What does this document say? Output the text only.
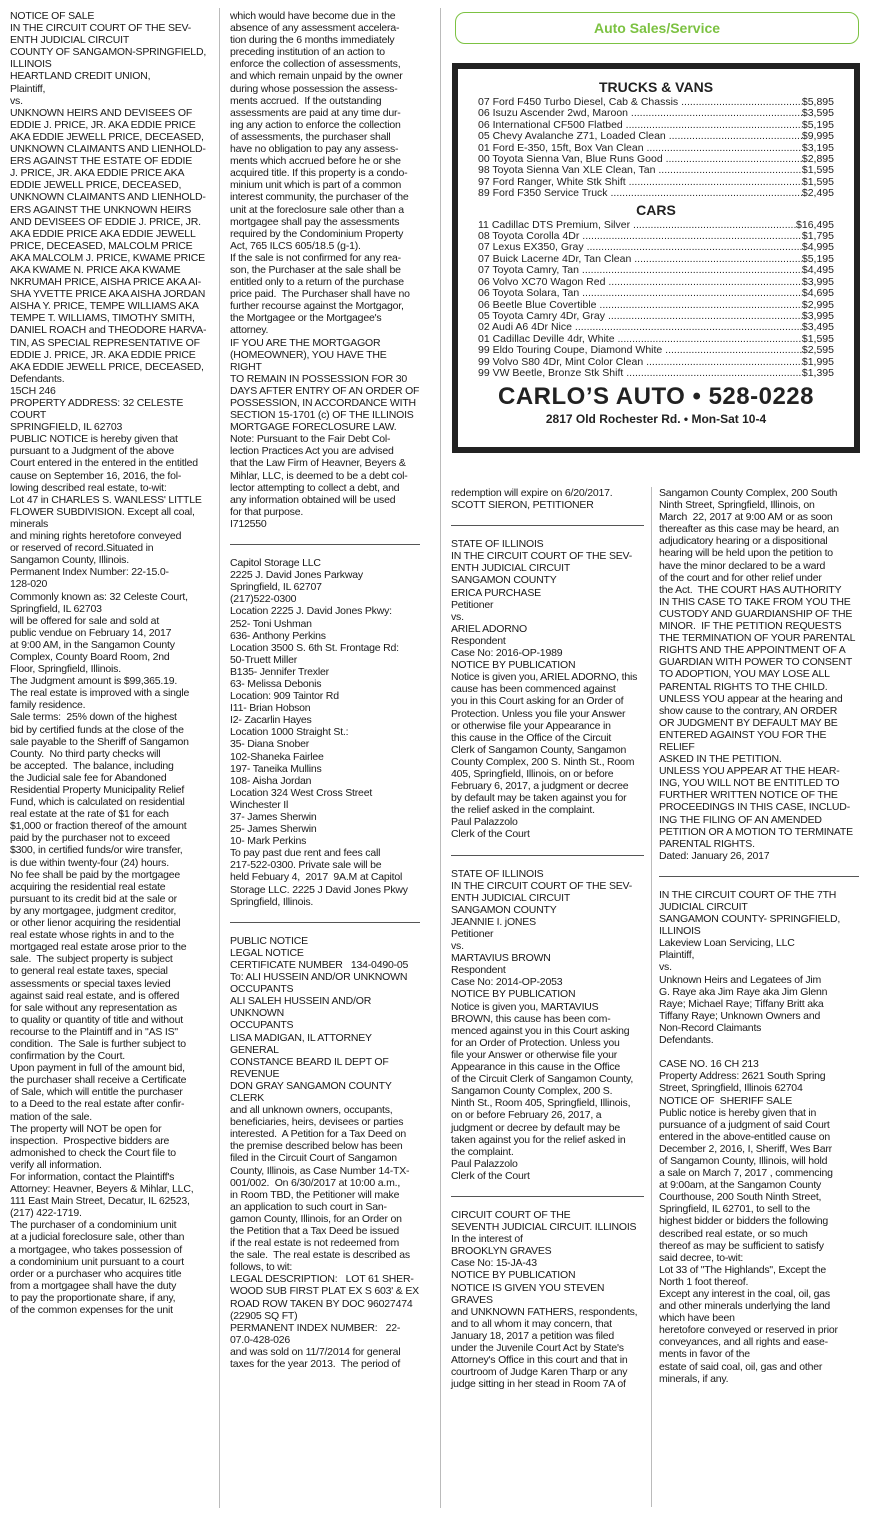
NOTICE OF SALE

IN THE CIRCUIT COURT OF THE SEV-

ENTH JUDICIAL CIRCUIT

COUNTY OF SANGAMON-SPRINGFIELD,

ILLINOIS

HEARTLAND CREDIT UNION,

Plaintiff,

vs.

UNKNOWN HEIRS AND DEVISEES OF

EDDIE J. PRICE, JR. AKA EDDIE PRICE

AKA EDDIE JEWELL PRICE, DECEASED,

UNKNOWN CLAIMANTS AND LIENHOLD-

ERS AGAINST THE ESTATE OF EDDIE

J. PRICE, JR. AKA EDDIE PRICE AKA

EDDIE JEWELL PRICE, DECEASED,

UNKNOWN CLAIMANTS AND LIENHOLD-

ERS AGAINST THE UNKNOWN HEIRS

AND DEVISEES OF EDDIE J. PRICE, JR.

AKA EDDIE PRICE AKA EDDIE JEWELL

PRICE, DECEASED, MALCOLM PRICE

AKA MALCOLM J. PRICE, KWAME PRICE

AKA KWAME N. PRICE AKA KWAME

NKRUMAH PRICE, AISHA PRICE AKA AI-

SHA YVETTE PRICE AKA AISHA JORDAN

AISHA Y. PRICE, TEMPE WILLIAMS AKA

TEMPE T. WILLIAMS, TIMOTHY SMITH,

DANIEL ROACH and THEODORE HARVA-

TIN, AS SPECIAL REPRESENTATIVE OF

EDDIE J. PRICE, JR. AKA EDDIE PRICE

AKA EDDIE JEWELL PRICE, DECEASED,

Defendants.

15CH 246

PROPERTY ADDRESS: 32 CELESTE

COURT

SPRINGFIELD, IL 62703

PUBLIC NOTICE is hereby given that

pursuant to a Judgment of the above

Court entered in the entered in the entitled

cause on September 16, 2016, the fol-

lowing described real estate, to-wit:

Lot 47 in CHARLES S. WANLESS' LITTLE

FLOWER SUBDIVISION. Except all coal,

minerals

and mining rights heretofore conveyed

or reserved of record.Situated in

Sangamon County, Illinois.

Permanent Index Number: 22-15.0-

128-020

Commonly known as: 32 Celeste Court,

Springfield, IL 62703

will be offered for sale and sold at

public vendue on February 14, 2017

at 9:00 AM, in the Sangamon County

Complex, County Board Room, 2nd

Floor, Springfield, Illinois.

The Judgment amount is $99,365.19.

The real estate is improved with a single

family residence.

Sale terms:  25% down of the highest

bid by certified funds at the close of the

sale payable to the Sheriff of Sangamon

County.  No third party checks will

be accepted.  The balance, including

the Judicial sale fee for Abandoned

Residential Property Municipality Relief

Fund, which is calculated on residential

real estate at the rate of $1 for each

$1,000 or fraction thereof of the amount

paid by the purchaser not to exceed

$300, in certified funds/or wire transfer,

is due within twenty-four (24) hours.

No fee shall be paid by the mortgagee

acquiring the residential real estate

pursuant to its credit bid at the sale or

by any mortgagee, judgment creditor,

or other lienor acquiring the residential

real estate whose rights in and to the

mortgaged real estate arose prior to the

sale.  The subject property is subject

to general real estate taxes, special

assessments or special taxes levied

against said real estate, and is offered

for sale without any representation as

to quality or quantity of title and without

recourse to the Plaintiff and in "AS IS"

condition.  The Sale is further subject to

confirmation by the Court.

Upon payment in full of the amount bid,

the purchaser shall receive a Certificate

of Sale, which will entitle the purchaser

to a Deed to the real estate after confir-

mation of the sale.

The property will NOT be open for

inspection.  Prospective bidders are

admonished to check the Court file to

verify all information.

For information, contact the Plaintiff's

Attorney: Heavner, Beyers & Mihlar, LLC,

111 East Main Street, Decatur, IL 62523,

(217) 422-1719.

The purchaser of a condominium unit

at a judicial foreclosure sale, other than

a mortgagee, who takes possession of

a condominium unit pursuant to a court

order or a purchaser who acquires title

from a mortgagee shall have the duty

to pay the proportionate share, if any,

of the common expenses for the unit

which would have become due in the

absence of any assessment accelera-

tion during the 6 months immediately

preceding institution of an action to

enforce the collection of assessments,

and which remain unpaid by the owner

during whose possession the assess-

ments accrued.  If the outstanding

assessments are paid at any time dur-

ing any action to enforce the collection

of assessments, the purchaser shall

have no obligation to pay any assess-

ments which accrued before he or she

acquired title. If this property is a condo-

minium unit which is part of a common

interest community, the purchaser of the

unit at the foreclosure sale other than a

mortgagee shall pay the assessments

required by the Condominium Property

Act, 765 ILCS 605/18.5 (g-1).

If the sale is not confirmed for any rea-

son, the Purchaser at the sale shall be

entitled only to a return of the purchase

price paid.  The Purchaser shall have no

further recourse against the Mortgagor,

the Mortgagee or the Mortgagee's

attorney.

IF YOU ARE THE MORTGAGOR

(HOMEOWNER), YOU HAVE THE RIGHT

TO REMAIN IN POSSESSION FOR 30

DAYS AFTER ENTRY OF AN ORDER OF

POSSESSION, IN ACCORDANCE WITH

SECTION 15-1701 (c) OF THE ILLINOIS

MORTGAGE FORECLOSURE LAW.

Note: Pursuant to the Fair Debt Col-

lection Practices Act you are advised

that the Law Firm of Heavner, Beyers &

Mihlar, LLC, is deemed to be a debt col-

lector attempting to collect a debt, and

any information obtained will be used

for that purpose.

I712550

Capitol Storage LLC

2225 J. David Jones Parkway

Springfield, IL 62707

(217)522-0300

Location 2225 J. David Jones Pkwy:

252- Toni Ushman

636- Anthony Perkins

Location 3500 S. 6th St. Frontage Rd:

50-Truett Miller

B135- Jennifer Trexler

63- Melissa Debonis

Location: 909 Taintor Rd

I11- Brian Hobson

I2- Zacarlin Hayes

Location 1000 Straight St.:

35- Diana Snober

102-Shaneka Fairlee

197- Taneika Mullins

108- Aisha Jordan

Location 324 West Cross Street

Winchester Il

37- James Sherwin

25- James Sherwin

10- Mark Perkins

To pay past due rent and fees call

217-522-0300. Private sale will be

held Febuary 4,  2017  9A.M at Capitol

Storage LLC. 2225 J David Jones Pkwy

Springfield, Illinois.

PUBLIC NOTICE

LEGAL NOTICE

CERTIFICATE NUMBER   134-0490-05

To: ALI HUSSEIN AND/OR UNKNOWN

OCCUPANTS

ALI SALEH HUSSEIN AND/OR UNKNOWN

OCCUPANTS

LISA MADIGAN, IL ATTORNEY GENERAL

CONSTANCE BEARD IL DEPT OF

REVENUE

DON GRAY SANGAMON COUNTY CLERK

and all unknown owners, occupants,

beneficiaries, heirs, devisees or parties

interested.  A Petition for a Tax Deed on

the premise described below has been

filed in the Circuit Court of Sangamon

County, Illinois, as Case Number 14-TX-

001/002.  On 6/30/2017 at 10:00 a.m.,

in Room TBD, the Petitioner will make

an application to such court in San-

gamon County, Illinois, for an Order on

the Petition that a Tax Deed be issued

if the real estate is not redeemed from

the sale.  The real estate is described as

follows, to wit:

LEGAL DESCRIPTION:   LOT 61 SHER-

WOOD SUB FIRST PLAT EX S 603' & EX

ROAD ROW TAKEN BY DOC 96027474

(22905 SQ FT)

PERMANENT INDEX NUMBER:   22-

07.0-428-026

and was sold on 11/7/2014 for general

taxes for the year 2013.  The period of

Auto Sales/Service
TRUCKS & VANS
07 Ford F450 Turbo Diesel, Cab & Chassis .....	$5,895
06 Isuzu Ascender 2wd, Maroon .....	$3,595
06 International CF500 Flatbed .....	$5,195
05 Chevy Avalanche Z71, Loaded Clean .....	$9,995
01 Ford E-350, 15ft, Box Van Clean .....	$3,195
00 Toyota Sienna Van, Blue Runs Good .....	$2,895
98 Toyota Sienna Van XLE Clean, Tan .....	$1,595
97 Ford Ranger, White Stk Shift .....	$1,595
89 Ford F350 Service Truck .....	$2,495
CARS
11 Cadillac DTS Premium, Silver .....	$16,495
08 Toyota Corolla 4Dr .....	$1,795
07 Lexus EX350, Gray .....	$4,995
07 Buick Lacerne 4Dr, Tan Clean .....	$5,195
07 Toyota Camry, Tan .....	$4,495
06 Volvo XC70 Wagon Red .....	$3,995
06 Toyota Solara, Tan .....	$4,695
06 Beetle Blue Covertible .....	$2,995
05 Toyota Camry 4Dr, Gray .....	$3,995
02 Audi A6 4Dr Nice .....	$3,495
01 Cadillac Deville 4dr, White .....	$1,595
99 Eldo Touring Coupe, Diamond White .....	$2,595
99 Volvo S80 4Dr, Mint Color Clean .....	$1,995
99 VW Beetle, Bronze Stk Shift .....	$1,395
CARLO’S AUTO • 528-0228
2817 Old Rochester Rd. • Mon-Sat 10-4

redemption will expire on 6/20/2017.

SCOTT SIERON, PETITIONER

STATE OF ILLINOIS

IN THE CIRCUIT COURT OF THE SEV-

ENTH JUDICIAL CIRCUIT

SANGAMON COUNTY

ERICA PURCHASE

Petitioner

vs.

ARIEL ADORNO

Respondent

Case No: 2016-OP-1989

NOTICE BY PUBLICATION

Notice is given you, ARIEL ADORNO, this

cause has been commenced against

you in this Court asking for an Order of

Protection. Unless you file your Answer

or otherwise file your Appearance in

this cause in the Office of the Circuit

Clerk of Sangamon County, Sangamon

County Complex, 200 S. Ninth St., Room

405, Springfield, Illinois, on or before

February 6, 2017, a judgment or decree

by default may be taken against you for

the relief asked in the complaint.

Paul Palazzolo

Clerk of the Court

STATE OF ILLINOIS

IN THE CIRCUIT COURT OF THE SEV-

ENTH JUDICIAL CIRCUIT

SANGAMON COUNTY

JEANNIE I. jONES

Petitioner

vs.

MARTAVIUS BROWN

Respondent

Case No: 2014-OP-2053

NOTICE BY PUBLICATION

Notice is given you, MARTAVIUS

BROWN, this cause has been com-

menced against you in this Court asking

for an Order of Protection. Unless you

file your Answer or otherwise file your

Appearance in this cause in the Office

of the Circuit Clerk of Sangamon County,

Sangamon County Complex, 200 S.

Ninth St., Room 405, Springfield, Illinois,

on or before February 26, 2017, a

judgment or decree by default may be

taken against you for the relief asked in

the complaint.

Paul Palazzolo

Clerk of the Court

CIRCUIT COURT OF THE

SEVENTH JUDICIAL CIRCUIT. ILLINOIS

In the interest of

BROOKLYN GRAVES

Case No: 15-JA-43

NOTICE BY PUBLICATION

NOTICE IS GIVEN YOU STEVEN GRAVES

and UNKNOWN FATHERS, respondents,

and to all whom it may concern, that

January 18, 2017 a petition was filed

under the Juvenile Court Act by State's

Attorney's Office in this court and that in

courtroom of Judge Karen Tharp or any

judge sitting in her stead in Room 7A of

Sangamon County Complex, 200 South

Ninth Street, Springfield, Illinois, on

March  22, 2017 at 9:00 AM or as soon

thereafter as this case may be heard, an

adjudicatory hearing or a dispositional

hearing will be held upon the petition to

have the minor declared to be a ward

of the court and for other relief under

the Act.  THE COURT HAS AUTHORITY

IN THIS CASE TO TAKE FROM YOU THE

CUSTODY AND GUARDIANSHIP OF THE

MINOR.  IF THE PETITION REQUESTS

THE TERMINATION OF YOUR PARENTAL

RIGHTS AND THE APPOINTMENT OF A

GUARDIAN WITH POWER TO CONSENT

TO ADOPTION, YOU MAY LOSE ALL

PARENTAL RIGHTS TO THE CHILD.

UNLESS YOU appear at the hearing and

show cause to the contrary, AN ORDER

OR JUDGMENT BY DEFAULT MAY BE

ENTERED AGAINST YOU FOR THE RELIEF

ASKED IN THE PETITION.

UNLESS YOU APPEAR AT THE HEAR-

ING, YOU WILL NOT BE ENTITLED TO

FURTHER WRITTEN NOTICE OF THE

PROCEEDINGS IN THIS CASE, INCLUD-

ING THE FILING OF AN AMENDED

PETITION OR A MOTION TO TERMINATE

PARENTAL RIGHTS.

Dated: January 26, 2017

IN THE CIRCUIT COURT OF THE 7TH

JUDICIAL CIRCUIT

SANGAMON COUNTY- SPRINGFIELD,

ILLINOIS

Lakeview Loan Servicing, LLC

Plaintiff,

vs.

Unknown Heirs and Legatees of Jim

G. Raye aka Jim Raye aka Jim Glenn

Raye; Michael Raye; Tiffany Britt aka

Tiffany Raye; Unknown Owners and

Non-Record Claimants

Defendants.

CASE NO. 16 CH 213

Property Address: 2621 South Spring

Street, Springfield, Illinois 62704

NOTICE OF  SHERIFF SALE

Public notice is hereby given that in

pursuance of a judgment of said Court

entered in the above-entitled cause on

December 2, 2016, I, Sheriff, Wes Barr

of Sangamon County, Illinois, will hold

a sale on March 7, 2017 , commencing

at 9:00am, at the Sangamon County

Courthouse, 200 South Ninth Street,

Springfield, IL 62701, to sell to the

highest bidder or bidders the following

described real estate, or so much

thereof as may be sufficient to satisfy

said decree, to-wit:

Lot 33 of "The Highlands", Except the

North 1 foot thereof.

Except any interest in the coal, oil, gas

and other minerals underlying the land

which have been

heretofore conveyed or reserved in prior

conveyances, and all rights and ease-

ments in favor of the

estate of said coal, oil, gas and other

minerals, if any.
